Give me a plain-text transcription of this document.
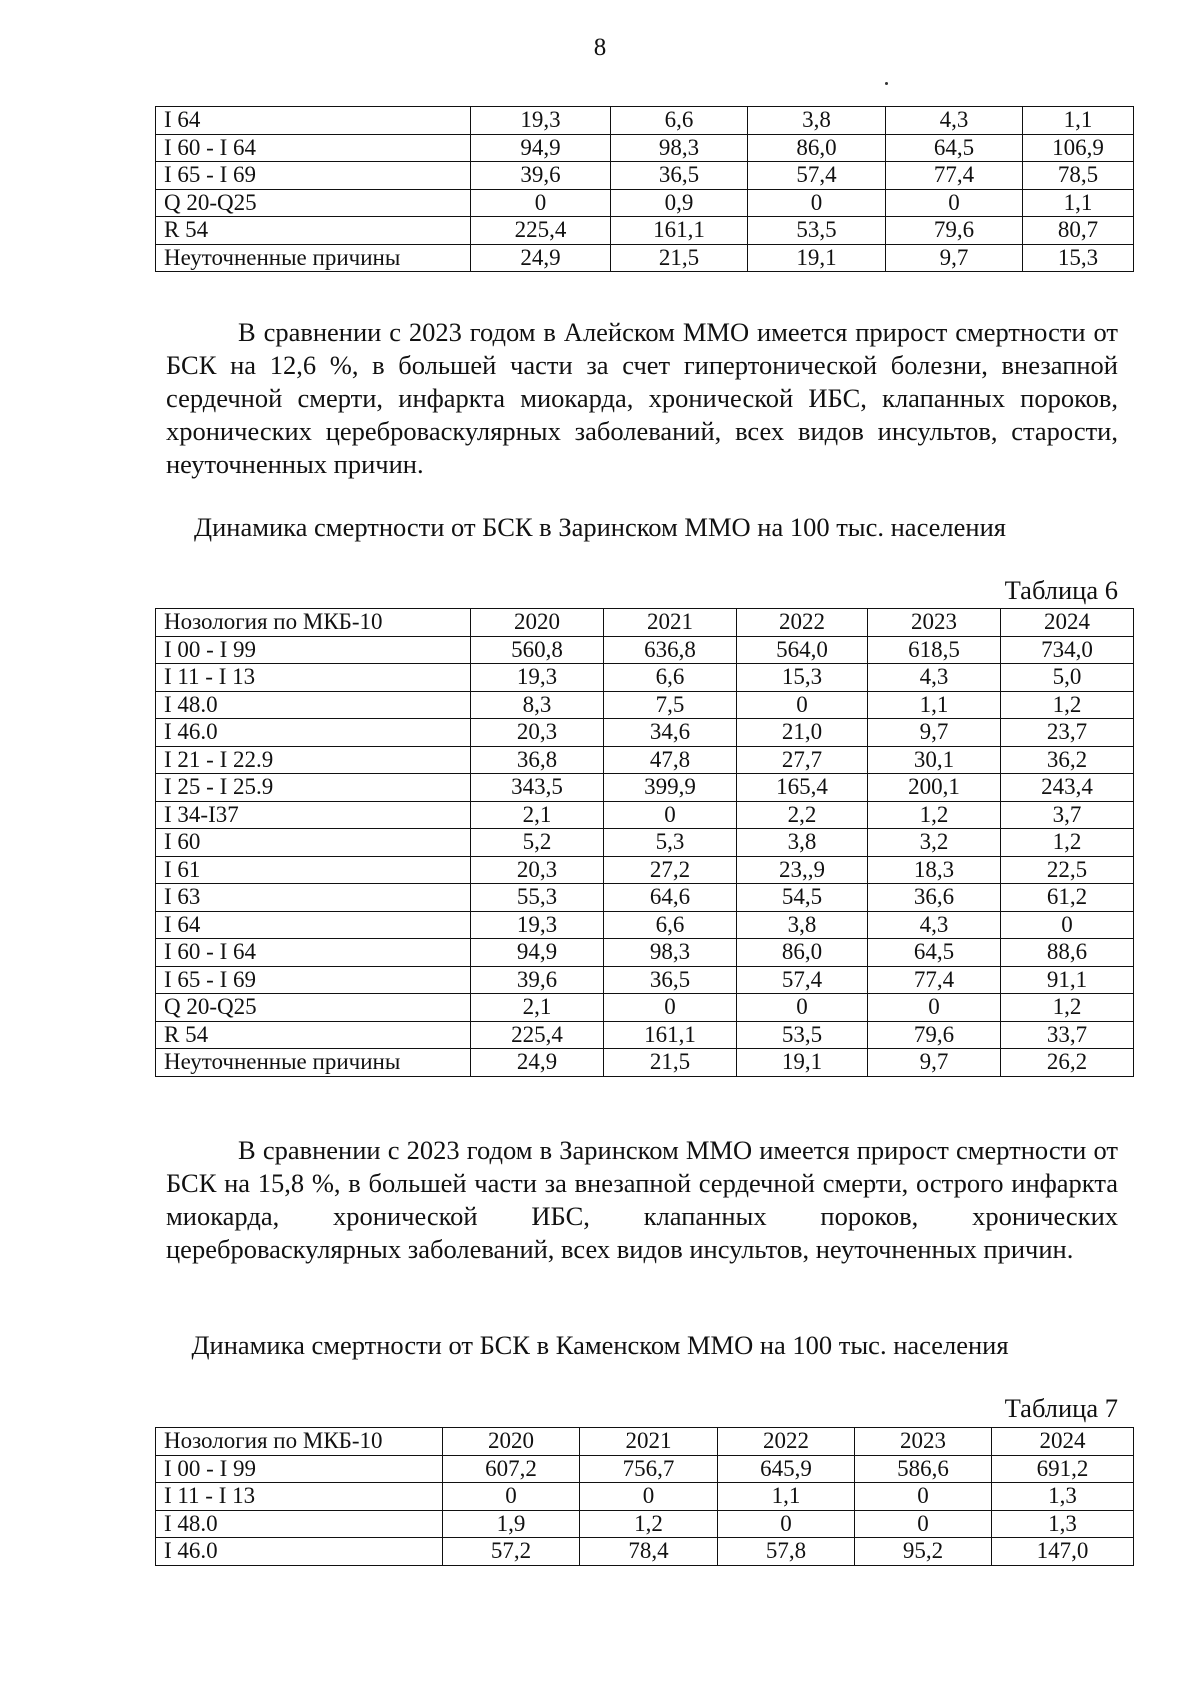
8
I 64	19,3	6,6	3,8	4,3	1,1
I 60 - I 64	94,9	98,3	86,0	64,5	106,9
I 65 - I 69	39,6	36,5	57,4	77,4	78,5
Q 20-Q25	0	0,9	0	0	1,1
R 54	225,4	161,1	53,5	79,6	80,7
Неуточненные причины	24,9	21,5	19,1	9,7	15,3

В сравнении с 2023 годом в Алейском ММО имеется прирост смертности от БСК на 12,6 %, в большей части за счет гипертонической болезни, внезапной сердечной смерти, инфаркта миокарда, хронической ИБС, клапанных пороков, хронических цереброваскулярных заболеваний, всех видов инсультов, старости, неуточненных причин.

Динамика смертности от БСК в Заринском ММО на 100 тыс. населения

Таблица 6
Нозология по МКБ-10	2020	2021	2022	2023	2024
I 00 - I 99	560,8	636,8	564,0	618,5	734,0
I 11 - I 13	19,3	6,6	15,3	4,3	5,0
I 48.0	8,3	7,5	0	1,1	1,2
I 46.0	20,3	34,6	21,0	9,7	23,7
I 21 - I 22.9	36,8	47,8	27,7	30,1	36,2
I 25 - I 25.9	343,5	399,9	165,4	200,1	243,4
I 34-I37	2,1	0	2,2	1,2	3,7
I 60	5,2	5,3	3,8	3,2	1,2
I 61	20,3	27,2	23,,9	18,3	22,5
I 63	55,3	64,6	54,5	36,6	61,2
I 64	19,3	6,6	3,8	4,3	0
I 60 - I 64	94,9	98,3	86,0	64,5	88,6
I 65 - I 69	39,6	36,5	57,4	77,4	91,1
Q 20-Q25	2,1	0	0	0	1,2
R 54	225,4	161,1	53,5	79,6	33,7
Неуточненные причины	24,9	21,5	19,1	9,7	26,2

В сравнении с 2023 годом в Заринском ММО имеется прирост смертности от БСК на 15,8 %, в большей части за внезапной сердечной смерти, острого инфаркта миокарда, хронической ИБС, клапанных пороков, хронических цереброваскулярных заболеваний, всех видов инсультов, неуточненных причин.

Динамика смертности от БСК в Каменском ММО на 100 тыс. населения

Таблица 7
Нозология по МКБ-10	2020	2021	2022	2023	2024
I 00 - I 99	607,2	756,7	645,9	586,6	691,2
I 11 - I 13	0	0	1,1	0	1,3
I 48.0	1,9	1,2	0	0	1,3
I 46.0	57,2	78,4	57,8	95,2	147,0
